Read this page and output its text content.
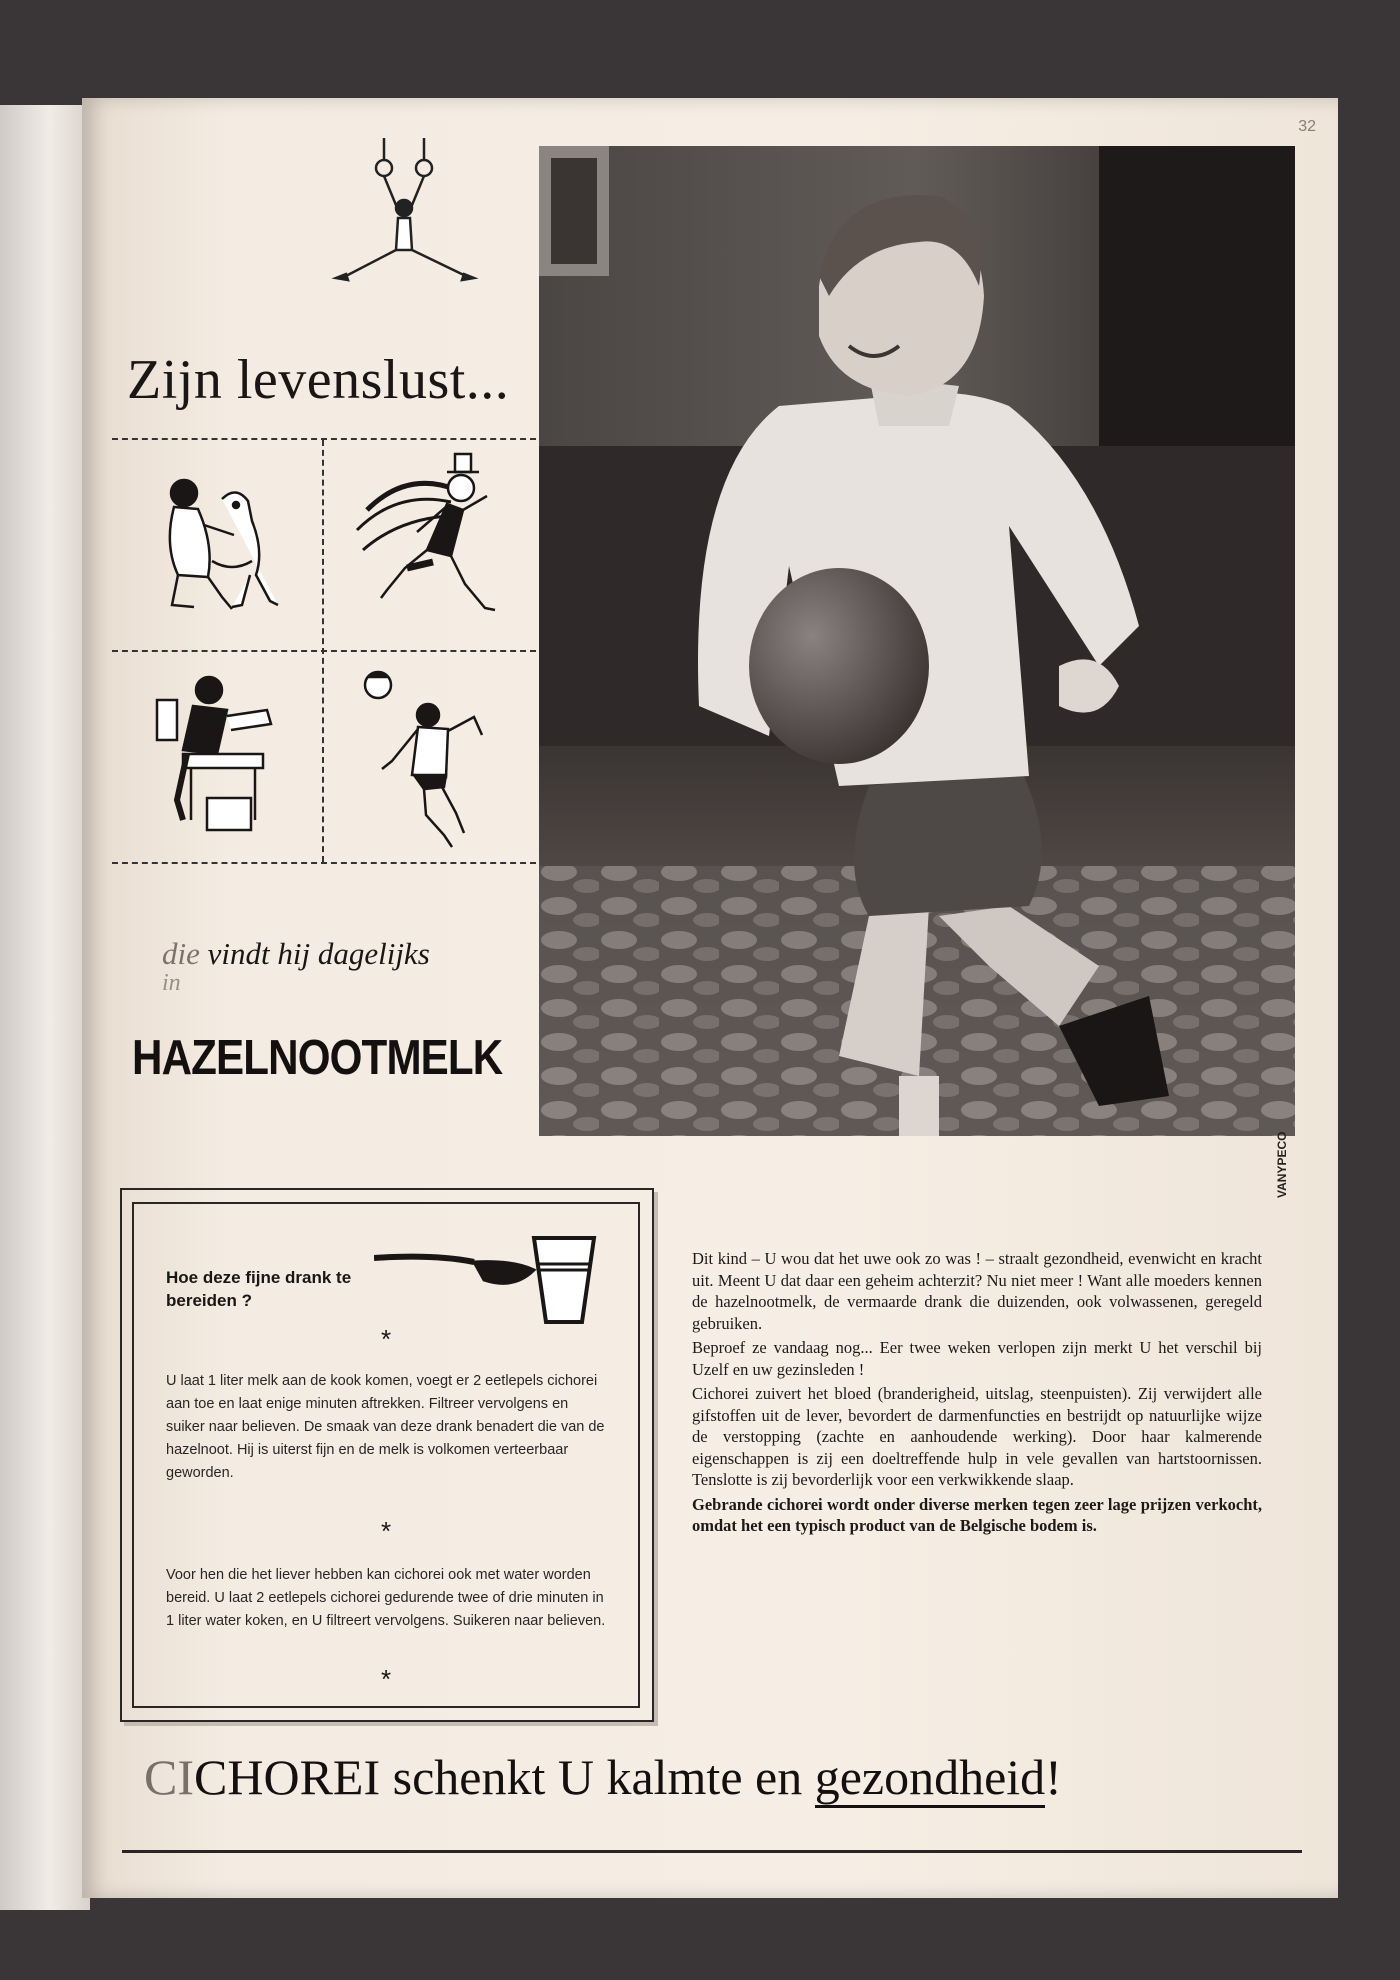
32
Zijn levenslust...
die vindt hij dagelijks
in
HAZELNOOTMELK
VANYPECO
Hoe deze fijne drank te bereiden ?
*
U laat 1 liter melk aan de kook komen, voegt er 2 eetlepels cichorei aan toe en laat enige minuten aftrekken. Filtreer vervolgens en suiker naar believen. De smaak van deze drank benadert die van de hazelnoot. Hij is uiterst fijn en de melk is volkomen verteerbaar geworden.
*
Voor hen die het liever hebben kan cichorei ook met water worden bereid. U laat 2 eetlepels cichorei gedurende twee of drie minuten in 1 liter water koken, en U filtreert vervolgens. Suikeren naar believen.
*

Dit kind – U wou dat het uwe ook zo was ! – straalt gezondheid, evenwicht en kracht uit. Meent U dat daar een geheim achterzit? Nu niet meer ! Want alle moeders kennen de hazelnootmelk, de vermaarde drank die duizenden, ook volwassenen, geregeld gebruiken.

Beproef ze vandaag nog... Eer twee weken verlopen zijn merkt U het verschil bij Uzelf en uw gezinsleden !

Cichorei zuivert het bloed (branderigheid, uitslag, steenpuisten). Zij verwijdert alle gifstoffen uit de lever, bevordert de darmenfuncties en bestrijdt op natuurlijke wijze de verstopping (zachte en aanhoudende werking). Door haar kalmerende eigenschappen is zij een doeltreffende hulp in vele gevallen van hartstoornissen. Tenslotte is zij bevorderlijk voor een verkwikkende slaap.

Gebrande cichorei wordt onder diverse merken tegen zeer lage prijzen verkocht, omdat het een typisch product van de Belgische bodem is.

CICHOREI schenkt U kalmte en gezondheid!
